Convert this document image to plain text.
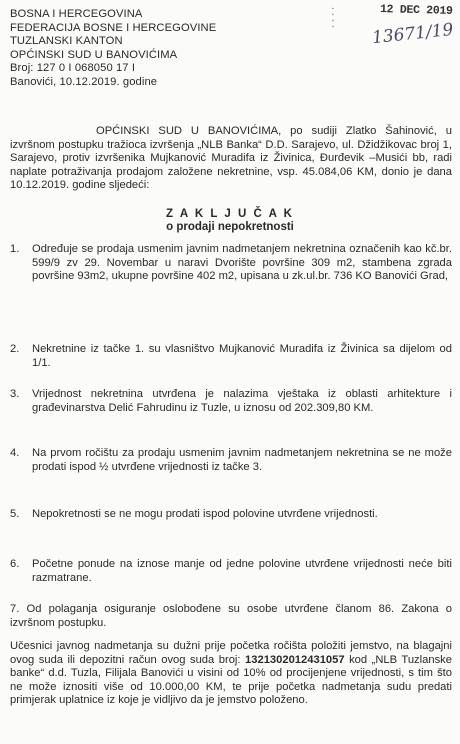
BOSNA I HERCEGOVINA
FEDERACIJA BOSNE I HERCEGOVINE
TUZLANSKI KANTON
OPĆINSKI SUD U BANOVIĆIMA
Broj: 127 0 I 068050 17 I
Banovići, 10.12.2019. godine
▪
▪
▪
▪
12 DEC 2019
13671/19
OPĆINSKI SUD U BANOVIĆIMA, po sudiji Zlatko Šahinović, u izvršnom postupku tražioca izvršenja „NLB Banka“ D.D. Sarajevo, ul. Džidžikovac broj 1, Sarajevo, protiv izvršenika Mujkanović Muradifa iz Živinica, Đurđevik –Musići bb, radi naplate potraživanja prodajom založene nekretnine, vsp. 45.084,06 KM, donio je dana 10.12.2019. godine sljedeći:
Z A K L J U Č A K
o prodaji nepokretnosti
1. Određuje se prodaja usmenim javnim nadmetanjem nekretnina označenih kao kč.br. 599/9 zv 29. Novembar u naravi Dvorište površine 309 m2, stambena zgrada površine 93m2, ukupne površine 402 m2, upisana u zk.ul.br. 736 KO Banovići Grad,
2. Nekretnine iz tačke 1. su vlasništvo Mujkanović Muradifa iz Živinica sa dijelom od 1/1.
3. Vrijednost nekretnina utvrđena je nalazima vještaka iz oblasti arhitekture i građevinarstva Delić Fahrudinu iz Tuzle, u iznosu od 202.309,80 KM.
4. Na prvom ročištu za prodaju usmenim javnim nadmetanjem nekretnina se ne može prodati ispod ½ utvrđene vrijednosti iz tačke 3.
5. Nepokretnosti se ne mogu prodati ispod polovine utvrđene vrijednosti.
6. Početne ponude na iznose manje od jedne polovine utvrđene vrijednosti neće biti razmatrane.
7. Od polaganja osiguranje oslobođene su osobe utvrđene članom 86. Zakona o izvršnom postupku.
Učesnici javnog nadmetanja su dužni prije početka ročišta položiti jemstvo, na blagajni ovog suda ili depozitni račun ovog suda broj: 1321302012431057 kod „NLB Tuzlanske banke“ d.d. Tuzla, Filijala Banovići u visini od 10% od procijenjene vrijednosti, s tim što ne može iznositi više od 10.000,00 KM, te prije početka nadmetanja sudu predati primjerak uplatnice iz koje je vidljivo da je jemstvo položeno.
